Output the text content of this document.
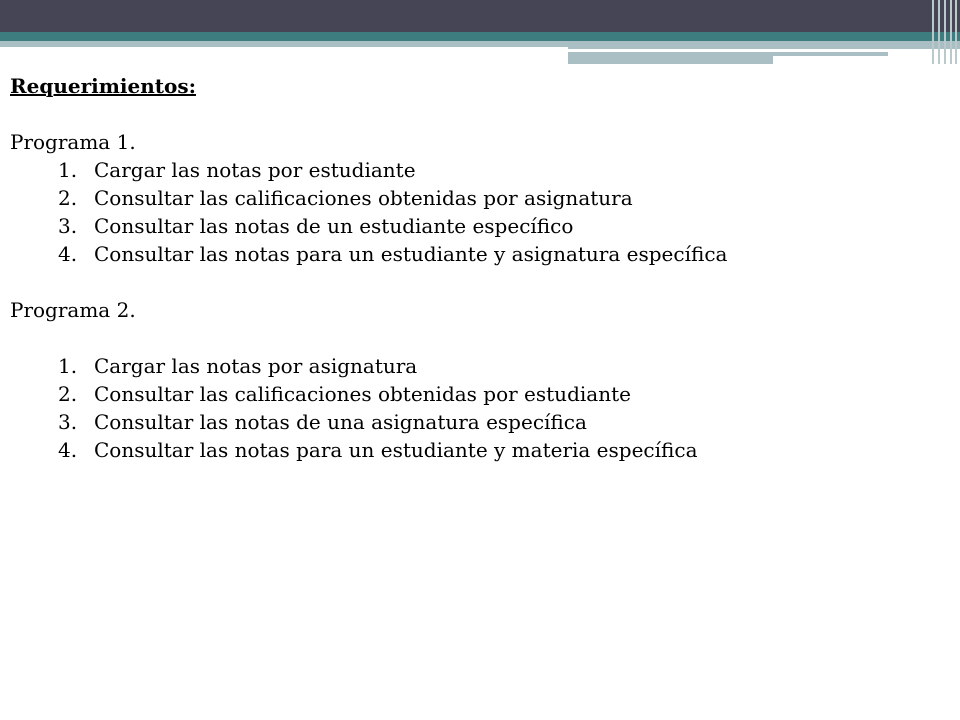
Requerimientos:

Programa 1.

1. Cargar las notas por estudiante
2. Consultar las calificaciones obtenidas por asignatura
3. Consultar las notas de un estudiante específico
4. Consultar las notas para un estudiante y asignatura específica

Programa 2.

1. Cargar las notas por asignatura
2. Consultar las calificaciones obtenidas por estudiante
3. Consultar las notas de una asignatura específica
4. Consultar las notas para un estudiante y materia específica
